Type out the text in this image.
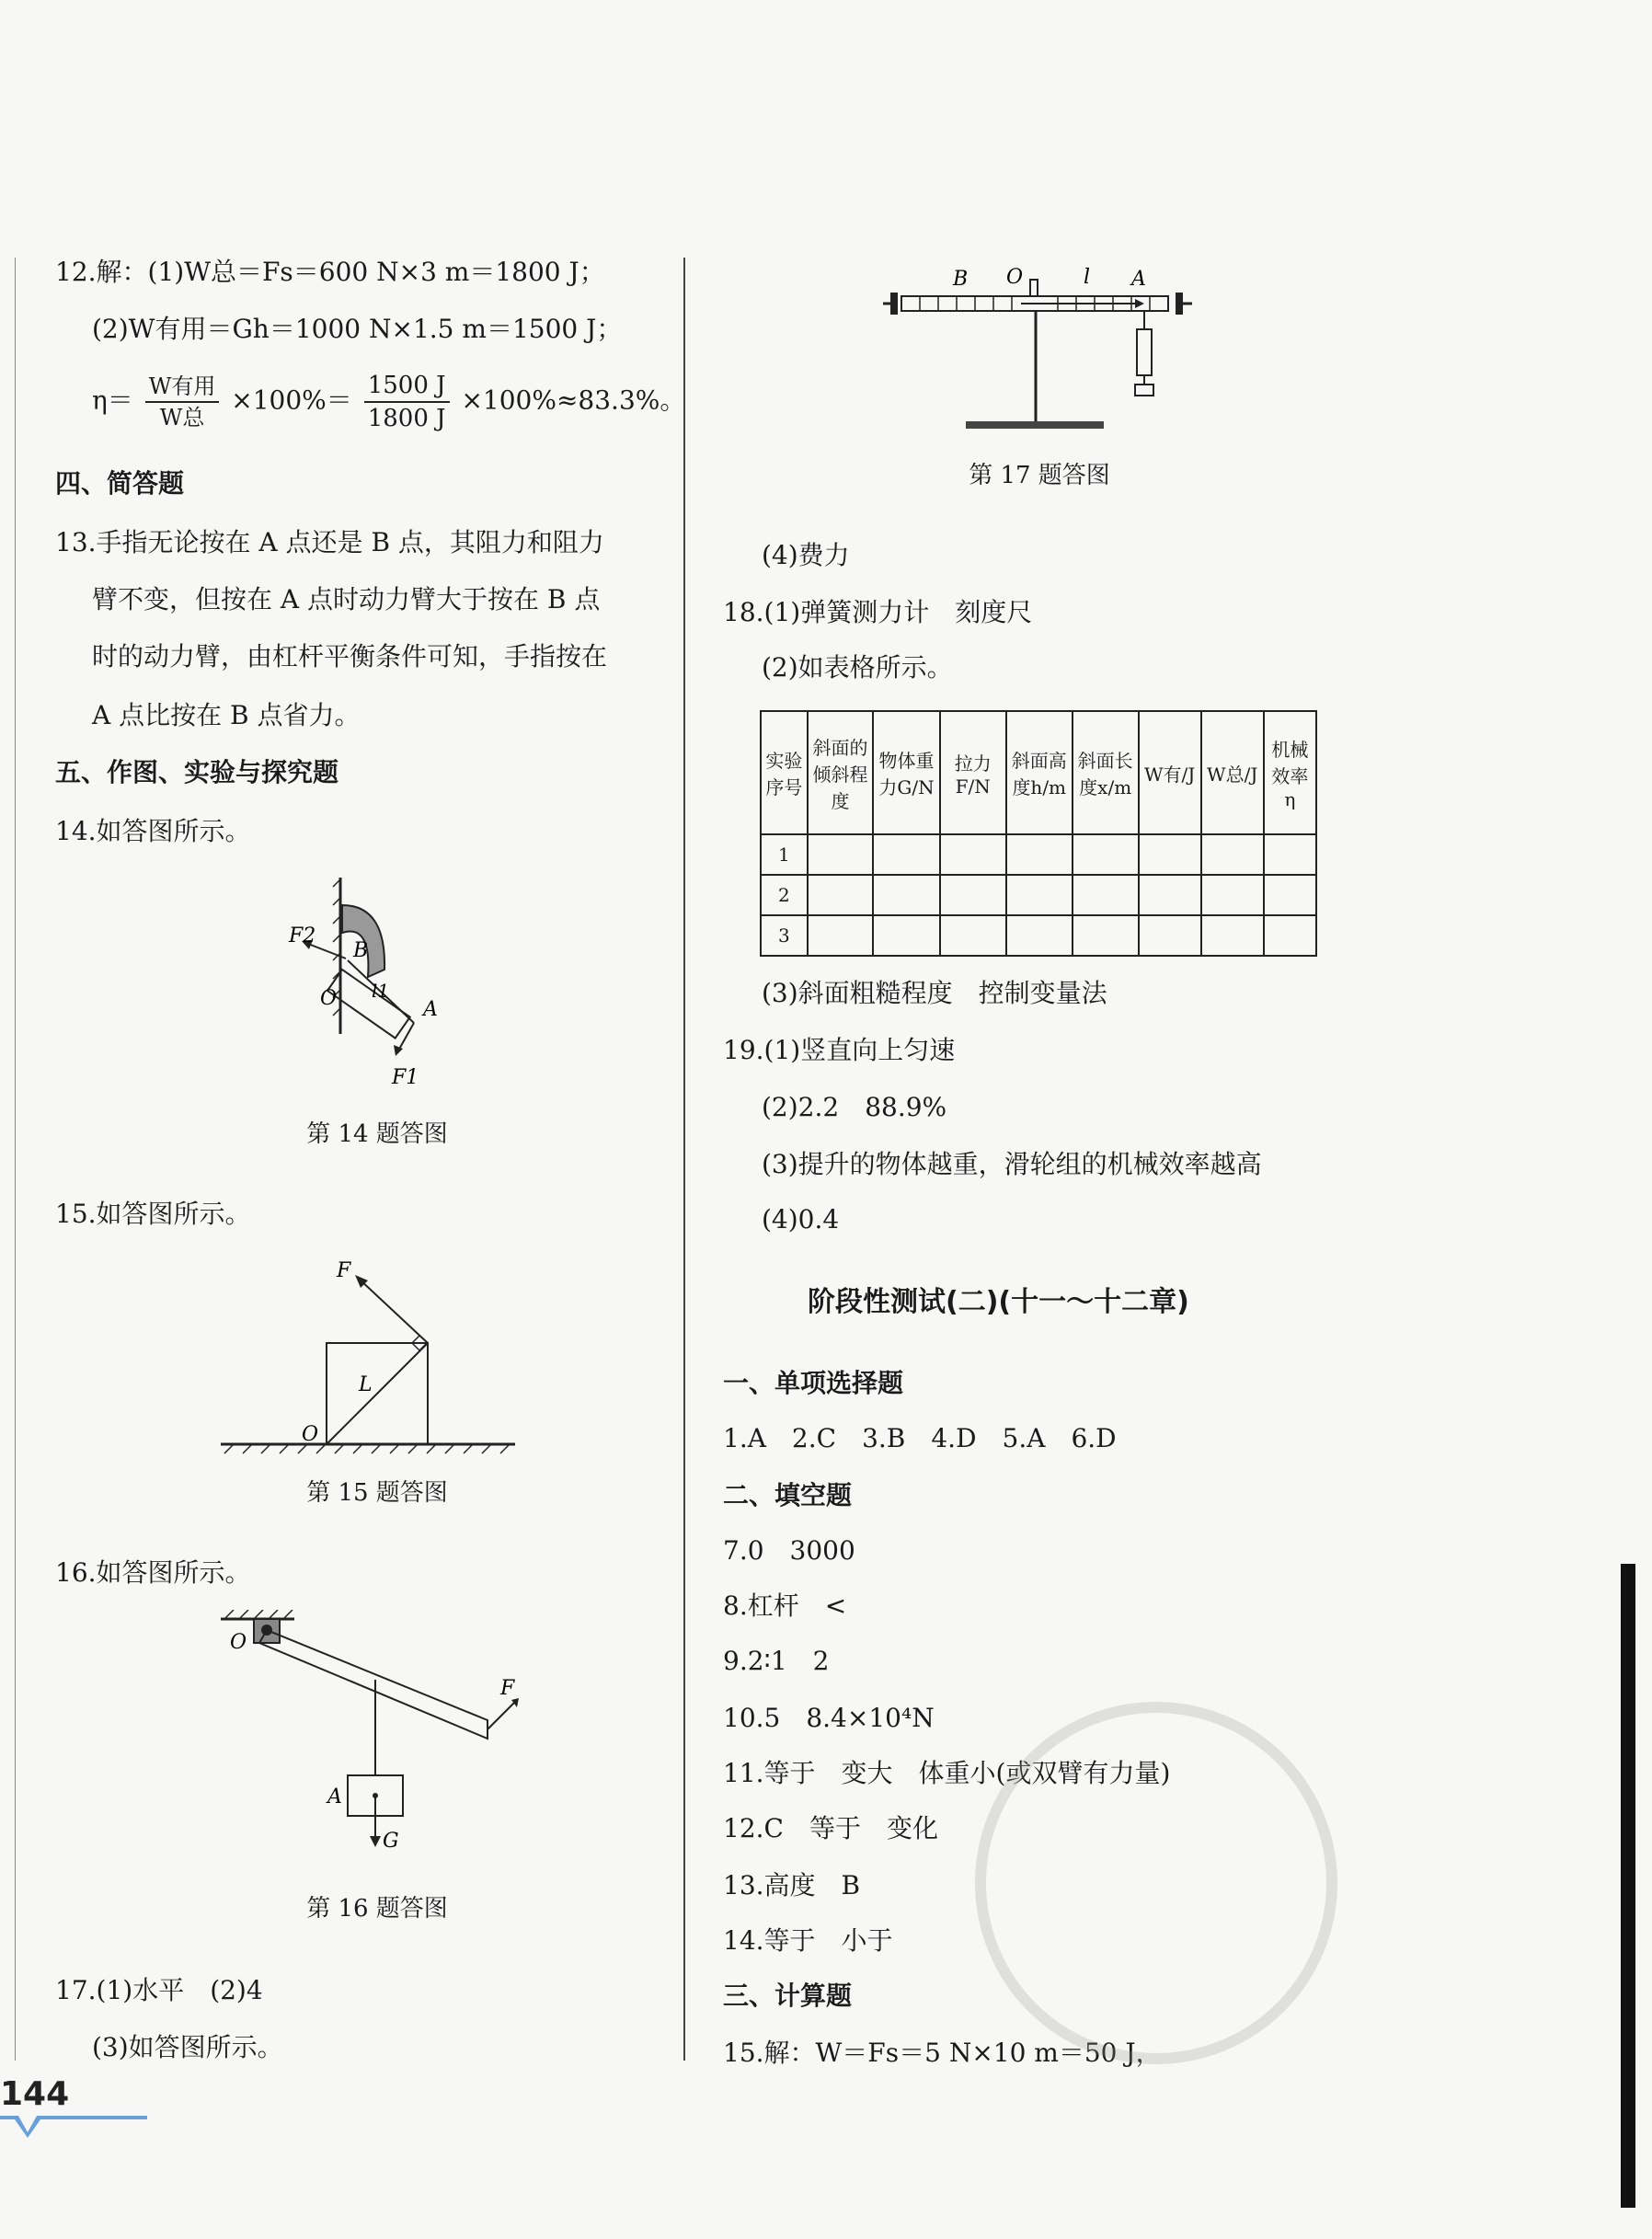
12.解：(1)W总＝Fs＝600 N×3 m＝1800 J；
(2)W有用＝Gh＝1000 N×1.5 m＝1500 J；
$\eta= \frac{\text{W有用}}{\text{W总}} \times 100\%= \frac{1500 J}{1800 J} \times 100\%\approx 83.3\%$。
四、简答题
13.手指无论按在 A 点还是 B 点，其阻力和阻力
臂不变，但按在 A 点时动力臂大于按在 B 点
时的动力臂，由杠杆平衡条件可知，手指按在
A 点比按在 B 点省力。
五、作图、实验与探究题
14.如答图所示。
F2
B
O l1
A
F1
第 14 题答图
15.如答图所示。
F
L
O
第 15 题答图
16.如答图所示。
O
F
A
G
第 16 题答图
17.(1)水平　(2)4
(3)如答图所示。
B O	l A
第 17 题答图
(4)费力
18.(1)弹簧测力计　刻度尺
(2)如表格所示。
实验序号	斜面的倾斜程度	物体重力G/N	拉力F/N	斜面高度h/m	斜面长度x/m	W有/J	W总/J	机械效率η
1								
2								
3								
(3)斜面粗糙程度　控制变量法
19.(1)竖直向上匀速
(2)2.2　88.9%
(3)提升的物体越重，滑轮组的机械效率越高
(4)0.4
阶段性测试(二)(十一～十二章)
一、单项选择题
1.A　2.C　3.B　4.D　5.A　6.D
二、填空题
7.0　3000
8.杠杆　<
9.2∶1　2
10.5　8.4×10⁴N
11.等于　变大　体重小(或双臂有力量)
12.C　等于　变化
13.高度　B
14.等于　小于
三、计算题
15.解：W＝Fs＝5 N×10 m＝50 J，
144
